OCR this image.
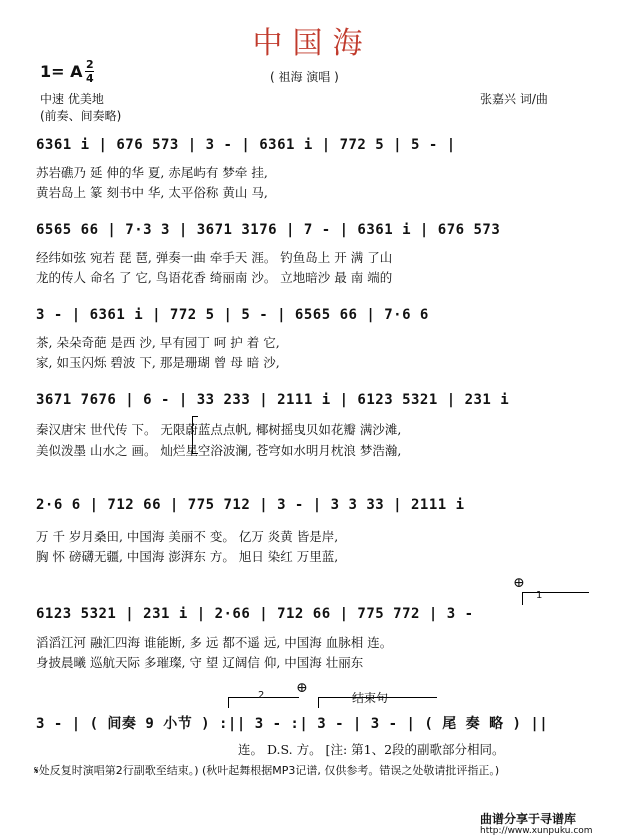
中国海
1= A 2
4	( 祖海 演唱 )
中速 优美地
(前奏、间奏略)
张嘉兴 词/曲
6361 i | 676 573 | 3 - | 6361 i | 772 5 | 5 - |
苏岩礁乃 延 伸的华 夏, 赤尾屿有 梦牵 挂,
黄岩岛上 篆 刻书中 华, 太平俗称 黄山 马,
6565 66 | 7·3 3 | 3671 3176 | 7 - | 6361 i | 676 573
经纬如弦 宛若 琵 琶, 弹奏一曲 牵手天 涯。 钓鱼岛上 开 满 了山
龙的传人 命名 了 它, 鸟语花香 绮丽南 沙。 立地暗沙 最 南 端的
3 - | 6361 i | 772 5 | 5 - | 6565 66 | 7·6 6
茶, 朵朵奇葩 是西 沙, 早有园丁 呵 护 着 它,
家, 如玉闪烁 碧波 下, 那是珊瑚 曾 母 暗 沙,
3671 7676 | 6 - | 33 233 | 2111 i | 6123 5321 | 231 i
秦汉唐宋 世代传 下。 无限蔚蓝点点帆, 椰树摇曳贝如花瓣 满沙滩,
美似泼墨 山水之 画。 灿烂星空浴波澜, 苍穹如水明月枕浪 梦浩瀚,
2·6 6 | 712 66 | 775 712 | 3 - | 3 3 33 | 2111 i
万 千 岁月桑田, 中国海 美丽不 变。 亿万 炎黄 皆是岸,
胸 怀 磅礴无疆, 中国海 澎湃东 方。 旭日 染红 万里蓝,
1
⊕
6123 5321 | 231 i | 2·66 | 712 66 | 775 772 | 3 -
滔滔江河 融汇四海 谁能断, 多 远 都不遥 远, 中国海 血脉相 连。
身披晨曦 巡航天际 多璀璨, 守 望 辽阔信 仰, 中国海 壮丽东
2 ⊕
结束句
3 - | ( 间奏 9 小节 ) :|| 3 - :| 3 - | 3 - | ( 尾 奏 略 ) ||
连。 D.S. 方。 [注: 第1、2段的副歌部分相同。
𝄋处反复时演唱第2行副歌至结束。) (秋叶起舞根据MP3记谱, 仅供参考。错误之处敬请批评指正。)
曲谱分享于寻谱库
http://www.xunpuku.com
